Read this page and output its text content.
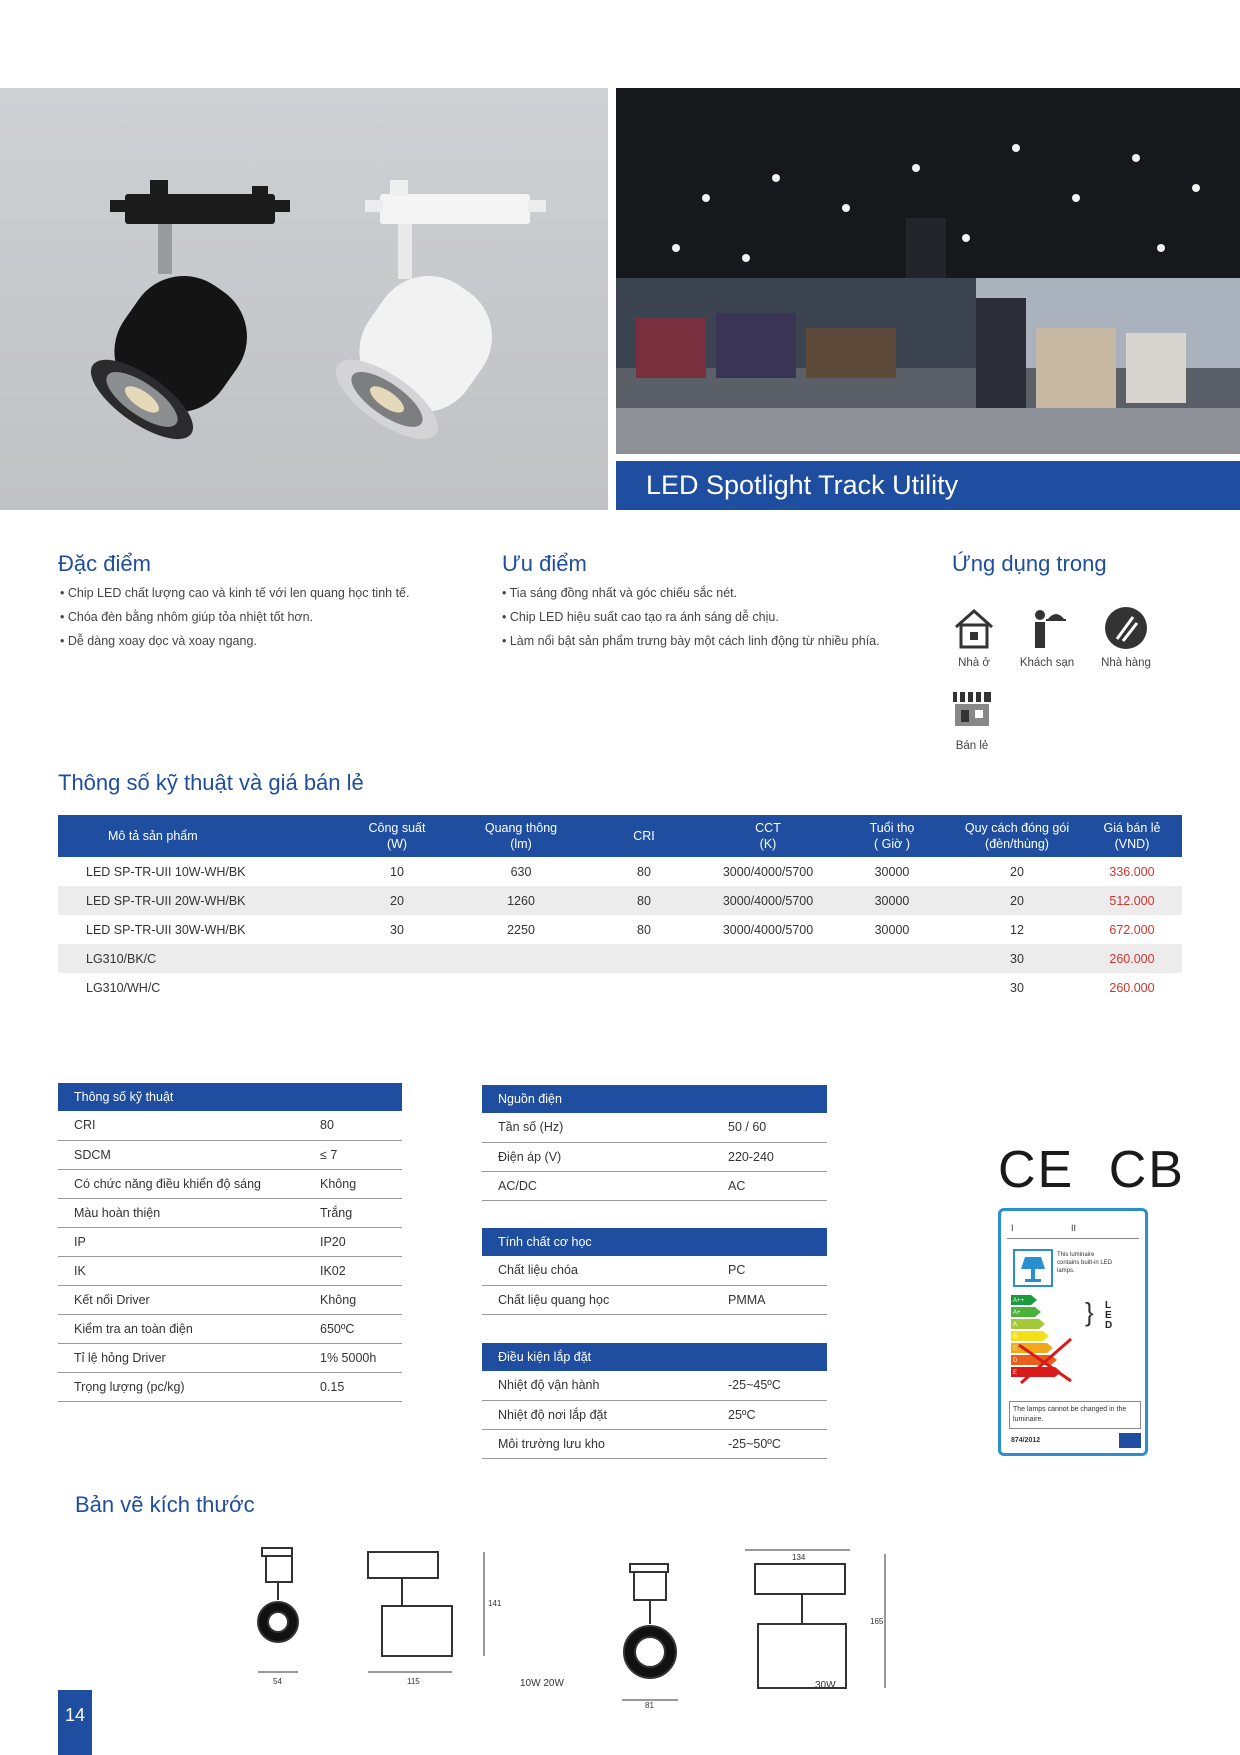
LED Spotlight Track Utility
Đặc điểm
• Chip LED chất lượng cao và kinh tế với len quang học tinh tế.
• Chóa đèn bằng nhôm giúp tỏa nhiệt tốt hơn.
• Dễ dàng xoay dọc và xoay ngang.
Ưu điểm
• Tia sáng đồng nhất và góc chiếu sắc nét.
• Chip LED hiệu suất cao tạo ra ánh sáng dễ chịu.
• Làm nổi bật sản phẩm trưng bày một cách linh động từ nhiều phía.
Ứng dụng trong
Nhà ở	Khách sạn	Nhà hàng
Bán lẻ
Thông số kỹ thuật và giá bán lẻ
Mô tả sản phẩm	Công suất
(W)	Quang thông
(lm)	CRI	CCT
(K)	Tuổi thọ
( Giờ )	Quy cách đóng gói
(đèn/thùng)	Giá bán lẻ
(VND)
LED SP-TR-UII 10W-WH/BK	10	630	80	3000/4000/5700	30000	20	336.000
LED SP-TR-UII 20W-WH/BK	20	1260	80	3000/4000/5700	30000	20	512.000
LED SP-TR-UII 30W-WH/BK	30	2250	80	3000/4000/5700	30000	12	672.000
LG310/BK/C						30	260.000
LG310/WH/C						30	260.000
Thông số kỹ thuật	
CRI	80
SDCM	≤ 7
Có chức năng điều khiển độ sáng	Không
Màu hoàn thiện	Trắng
IP	IP20
IK	IK02
Kết nối Driver	Không
Kiểm tra an toàn điện	650ºC
Tỉ lệ hỏng Driver	1% 5000h
Trọng lượng (pc/kg)	0.15
Nguồn điện	
Tần số (Hz)	50 / 60
Điện áp (V)	220-240
AC/DC	AC
Tính chất cơ học	
Chất liệu chóa	PC
Chất liệu quang học	PMMA
Điều kiện lắp đặt	
Nhiệt độ vận hành	-25~45ºC
Nhiệt độ nơi lắp đặt	25ºC
Môi trường lưu kho	-25~50ºC
CE CB
I	II
This luminaire contains built-in LED lamps.
A++
A+
A
B
C
D
E
} L
E
D
The lamps cannot be changed in the luminaire.
874/2012
Bản vẽ kích thước
54	115
141
81
134
165
10W 20W	30W
14
